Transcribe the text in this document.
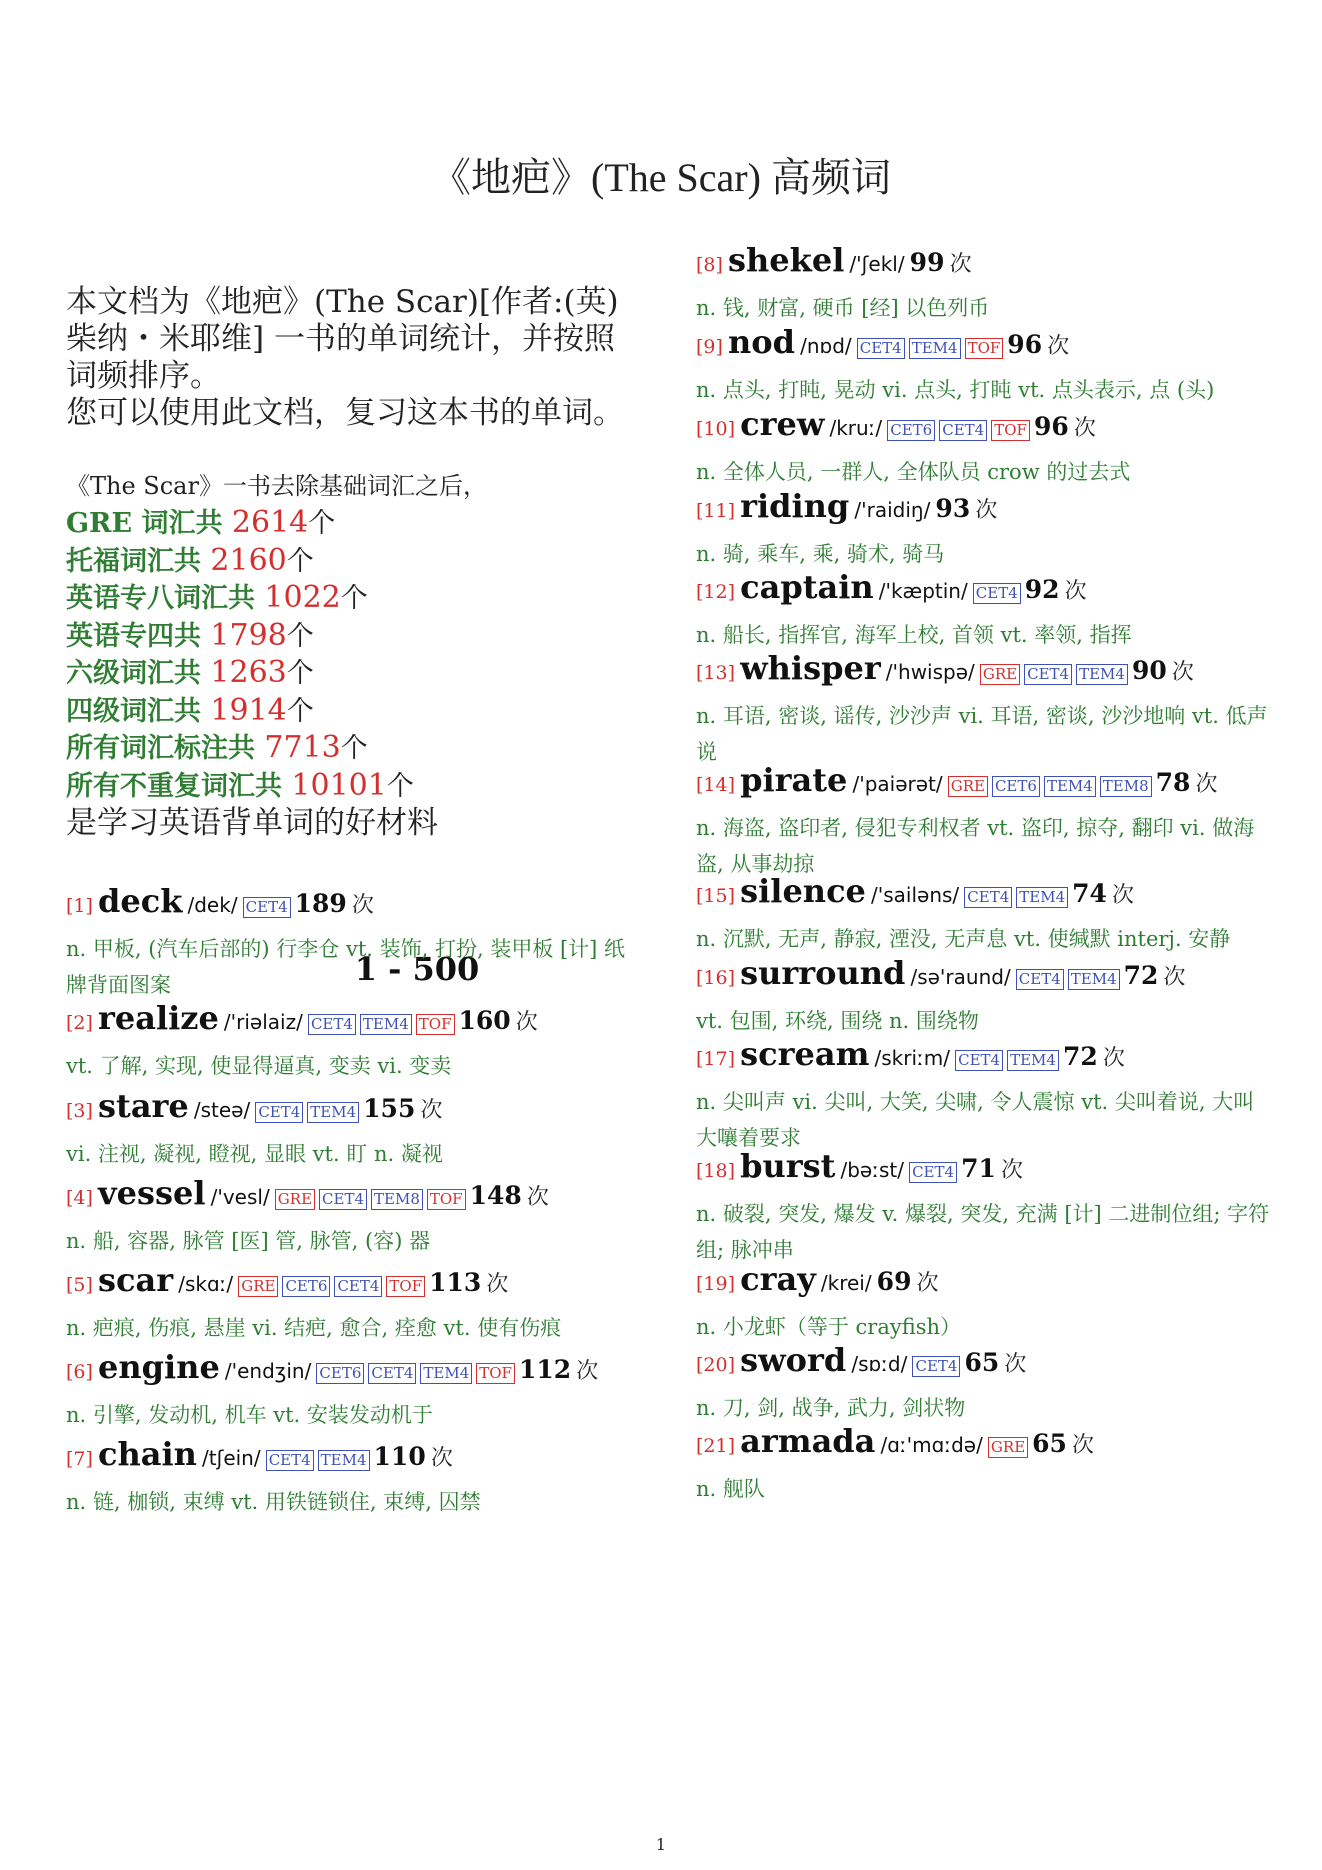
《地疤》(The Scar) 高频词
本文档为《地疤》(The Scar)[作者:(英) 柴纳・米耶维] 一书的单词统计，并按照词频排序。
您可以使用此文档，复习这本书的单词。
《The Scar》一书去除基础词汇之后，
GRE 词汇共 2614个
托福词汇共 2160个
英语专八词汇共 1022个
英语专四共 1798个
六级词汇共 1263个
四级词汇共 1914个
所有词汇标注共 7713个
所有不重复词汇共 10101个
是学习英语背单词的好材料
1 - 500
[1] deck /dek/ CET4 189 次
n. 甲板, (汽车后部的) 行李仓 vt. 装饰, 打扮, 装甲板 [计] 纸牌背面图案
[2] realize /'riəlaiz/ CET4 TEM4 TOF 160 次
vt. 了解, 实现, 使显得逼真, 变卖 vi. 变卖
[3] stare /steə/ CET4 TEM4 155 次
vi. 注视, 凝视, 瞪视, 显眼 vt. 盯 n. 凝视
[4] vessel /'vesl/ GRE CET4 TEM8 TOF 148 次
n. 船, 容器, 脉管 [医] 管, 脉管, (容) 器
[5] scar /skɑː/ GRE CET6 CET4 TOF 113 次
n. 疤痕, 伤痕, 悬崖 vi. 结疤, 愈合, 痊愈 vt. 使有伤痕
[6] engine /'endʒin/ CET6 CET4 TEM4 TOF 112 次
n. 引擎, 发动机, 机车 vt. 安装发动机于
[7] chain /tʃein/ CET4 TEM4 110 次
n. 链, 枷锁, 束缚 vt. 用铁链锁住, 束缚, 囚禁
[8] shekel /'ʃekl/ 99 次
n. 钱, 财富, 硬币 [经] 以色列币
[9] nod /nɒd/ CET4 TEM4 TOF 96 次
n. 点头, 打盹, 晃动 vi. 点头, 打盹 vt. 点头表示, 点 (头)
[10] crew /kruː/ CET6 CET4 TOF 96 次
n. 全体人员, 一群人, 全体队员 crow 的过去式
[11] riding /'raidiŋ/ 93 次
n. 骑, 乘车, 乘, 骑术, 骑马
[12] captain /'kæptin/ CET4 92 次
n. 船长, 指挥官, 海军上校, 首领 vt. 率领, 指挥
[13] whisper /'hwispə/ GRE CET4 TEM4 90 次
n. 耳语, 密谈, 谣传, 沙沙声 vi. 耳语, 密谈, 沙沙地响 vt. 低声说
[14] pirate /'paiərət/ GRE CET6 TEM4 TEM8 78 次
n. 海盗, 盗印者, 侵犯专利权者 vt. 盗印, 掠夺, 翻印 vi. 做海盗, 从事劫掠
[15] silence /'sailəns/ CET4 TEM4 74 次
n. 沉默, 无声, 静寂, 湮没, 无声息 vt. 使缄默 interj. 安静
[16] surround /sə'raund/ CET4 TEM4 72 次
vt. 包围, 环绕, 围绕 n. 围绕物
[17] scream /skriːm/ CET4 TEM4 72 次
n. 尖叫声 vi. 尖叫, 大笑, 尖啸, 令人震惊 vt. 尖叫着说, 大叫大嚷着要求
[18] burst /bəːst/ CET4 71 次
n. 破裂, 突发, 爆发 v. 爆裂, 突发, 充满 [计] 二进制位组; 字符组; 脉冲串
[19] cray /krei/ 69 次
n. 小龙虾（等于 crayfish）
[20] sword /sɒːd/ CET4 65 次
n. 刀, 剑, 战争, 武力, 剑状物
[21] armada /ɑː'mɑːdə/ GRE 65 次
n. 舰队
1
